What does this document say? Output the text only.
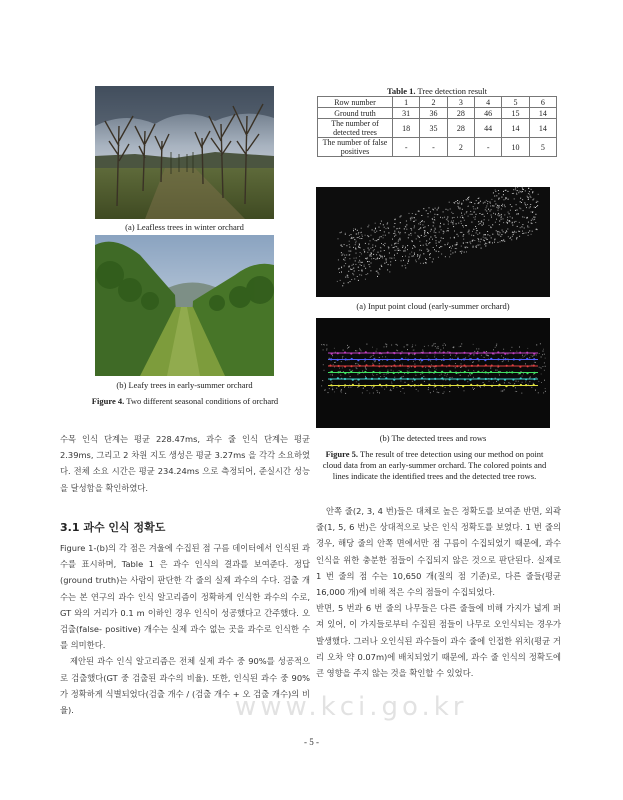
(a) Leafless trees in winter orchard
(b) Leafy trees in early-summer orchard
Figure 4. Two different seasonal conditions of orchard
Table 1. Tree detection result
Row number	1	2	3	4	5	6
Ground truth	31	36	28	46	15	14
The number of detected trees	18	35	28	44	14	14
The number of false positives	-	-	2	-	10	5
(a) Input point cloud (early-summer orchard)
(b) The detected trees and rows
Figure 5. The result of tree detection using our method on point cloud data from an early-summer orchard. The colored points and lines indicate the identified trees and the detected tree rows.

수목 인식 단계는 평균 228.47ms, 과수 줄 인식 단계는 평균 2.39ms, 그리고 2 차원 지도 생성은 평균 3.27ms 을 각각 소요하였다. 전체 소요 시간은 평균 234.24ms 으로 측정되어, 준실시간 성능을 달성함을 확인하였다.

3.1 과수 인식 정확도

Figure 1-(b)의 각 점은 겨울에 수집된 점 구름 데이터에서 인식된 과수를 표시하며, Table 1 은 과수 인식의 결과를 보여준다. 정답(ground truth)는 사람이 판단한 각 줄의 실제 과수의 수다. 검출 개수는 본 연구의 과수 인식 알고리즘이 정확하게 인식한 과수의 수로, GT 와의 거리가 0.1 m 이하인 경우 인식이 성공했다고 간주했다. 오 검출(false- positive) 개수는 실제 과수 없는 곳을 과수로 인식한 수를 의미한다.

제안된 과수 인식 알고리즘은 전체 실제 과수 중 90%를 성공적으로 검출했다(GT 중 검출된 과수의 비율). 또한, 인식된 과수 중 90%가 정확하게 식별되었다(검출 개수 / (검출 개수 + 오 검출 개수)의 비율).

안쪽 줄(2, 3, 4 번)들은 대체로 높은 정확도를 보여준 반면, 외곽 줄(1, 5, 6 번)은 상대적으로 낮은 인식 정확도를 보였다. 1 번 줄의 경우, 해당 줄의 안쪽 면에서만 점 구름이 수집되었기 때문에, 과수 인식을 위한 충분한 점들이 수집되지 않은 것으로 판단된다. 실제로 1 번 줄의 점 수는 10,650 개(질의 점 기준)로, 다른 줄들(평균 16,000 개)에 비해 적은 수의 점들이 수집되었다.

반면, 5 번과 6 번 줄의 나무들은 다른 줄들에 비해 가지가 넓게 퍼져 있어, 이 가지들로부터 수집된 점들이 나무로 오인식되는 경우가 발생했다. 그러나 오인식된 과수들이 과수 줄에 인접한 위치(평균 거리 오차 약 0.07m)에 배치되었기 때문에, 과수 줄 인식의 정확도에 큰 영향을 주지 않는 것을 확인할 수 있었다.

www.kci.go.kr
- 5 -
